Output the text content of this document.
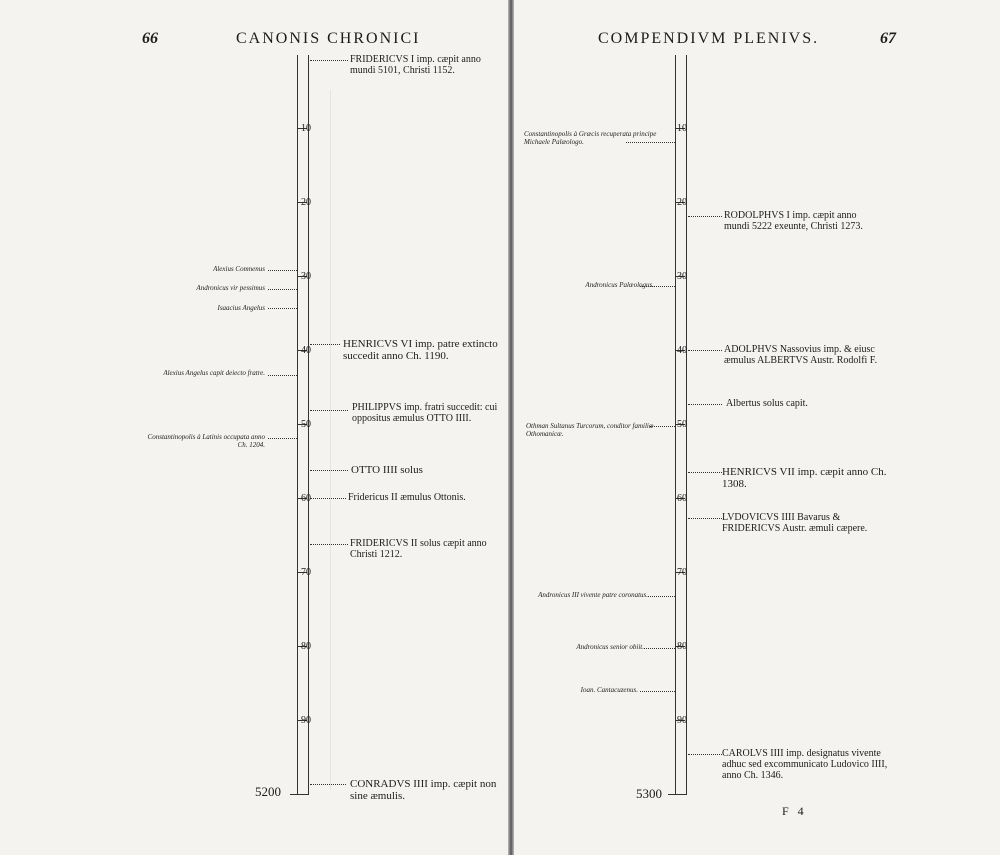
66	CANONIS CHRONICI
10
20
30
40
50
60
70
80
90
5200
FRIDERICVS I imp. cæpit anno mundi 5101, Christi 1152.
HENRICVS VI imp. patre extincto succedit anno Ch. 1190.
PHILIPPVS imp. fratri succedit: cui oppositus æmulus OTTO IIII.
OTTO IIII solus
Fridericus II æmulus Ottonis.
FRIDERICVS II solus cæpit anno Christi 1212.
CONRADVS IIII imp. cæpit non sine æmulis.
Alexius Comnenus
Andronicus vir pessimus
Isaacius Angelus
Alexius Angelus capit deiecto fratre.
Constantinopolis à Latinis occupata anno Ch. 1204.
COMPENDIVM PLENIVS.	67
10
20
30
40
50
60
70
80
90
5300
RODOLPHVS I imp. cæpit anno mundi 5222 exeunte, Christi 1273.
ADOLPHVS Nassovius imp. & eiusc æmulus ALBERTVS Austr. Rodolfi F.
Albertus solus capit.
HENRICVS VII imp. cæpit anno Ch. 1308.
LVDOVICVS IIII Bavarus & FRIDERICVS Austr. æmuli cæpere.
CAROLVS IIII imp. designatus vivente adhuc sed excommunicato Ludovico IIII, anno Ch. 1346.
Constantinopolis à Græcis recuperata principe Michaele Palæologo.
Andronicus Palæologus.
Othman Sultanus Turcorum, conditor familiæ Othomanicæ.
Andronicus III vivente patre coronatus.
Andronicus senior obiit.
Ioan. Cantacuzenus.
F 4
